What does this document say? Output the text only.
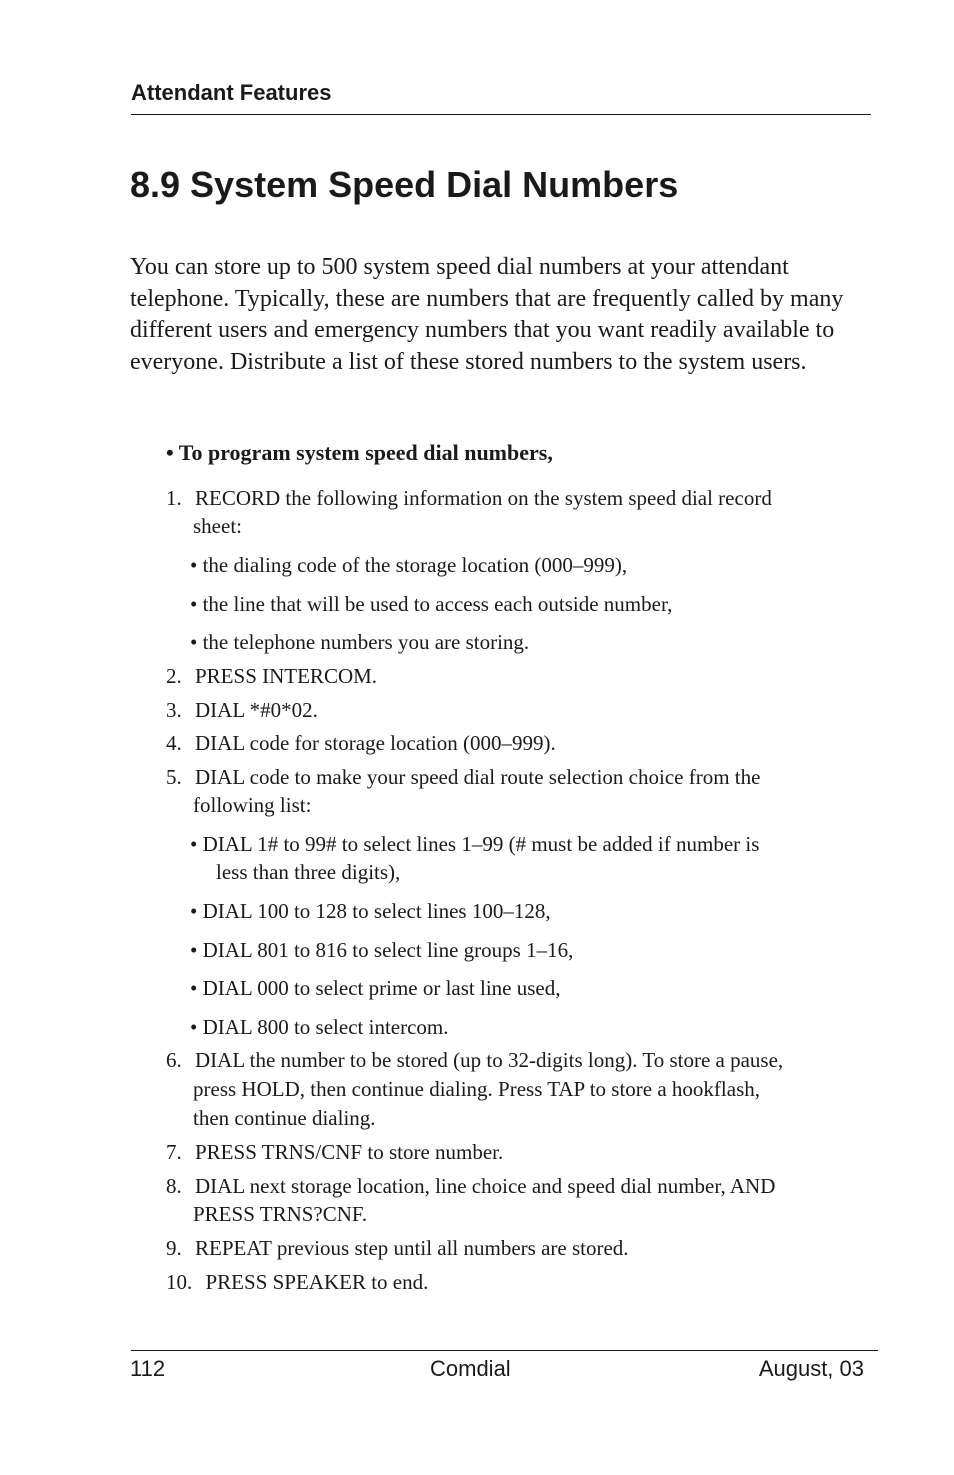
Attendant Features
8.9 System Speed Dial Numbers

You can store up to 500 system speed dial numbers at your attendant telephone. Typically, these are numbers that are frequently called by many different users and emergency numbers that you want readily available to everyone. Distribute a list of these stored numbers to the system users.

• To program system speed dial numbers,
1. RECORD the following information on the system speed dial record
sheet:
• the dialing code of the storage location (000–999),
• the line that will be used to access each outside number,
• the telephone numbers you are storing.
2. PRESS INTERCOM.
3. DIAL *#0*02.
4. DIAL code for storage location (000–999).
5. DIAL code to make your speed dial route selection choice from the
following list:
• DIAL 1# to 99# to select lines 1–99 (# must be added if number is
less than three digits),
• DIAL 100 to 128 to select lines 100–128,
• DIAL 801 to 816 to select line groups 1–16,
• DIAL 000 to select prime or last line used,
• DIAL 800 to select intercom.
6. DIAL the number to be stored (up to 32-digits long). To store a pause,
press HOLD, then continue dialing. Press TAP to store a hookflash,
then continue dialing.
7. PRESS TRNS/CNF to store number.
8. DIAL next storage location, line choice and speed dial number, AND
PRESS TRNS?CNF.
9. REPEAT previous step until all numbers are stored.
10. PRESS SPEAKER to end.
112	Comdial	August, 03
